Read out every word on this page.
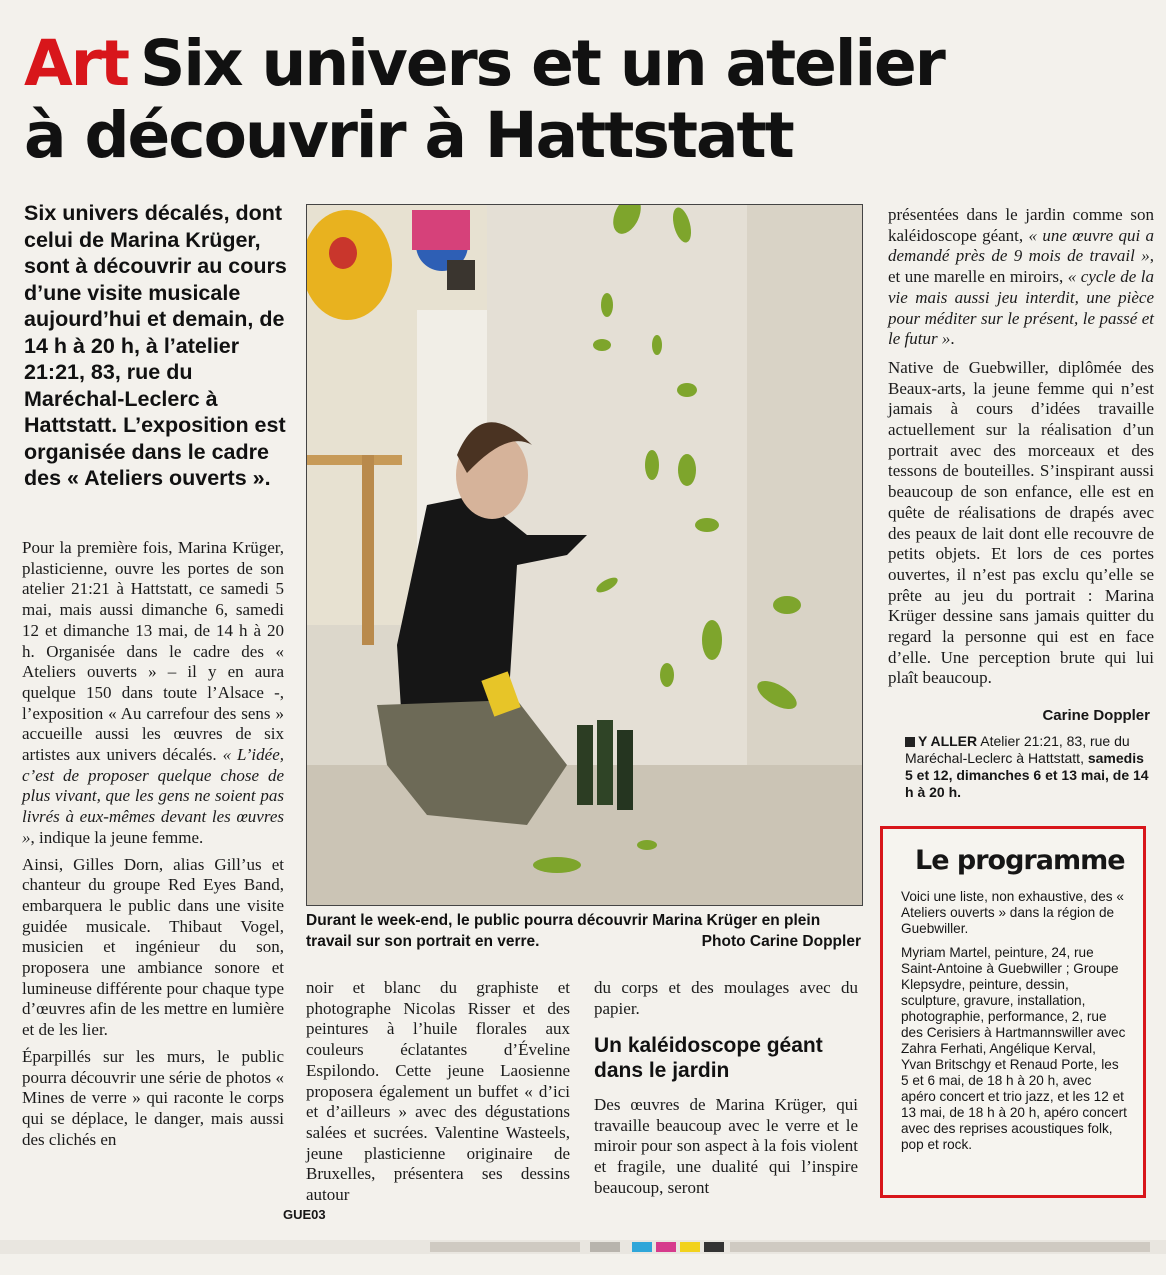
Art Six univers et un atelier
à découvrir à Hattstatt
Six univers décalés, dont celui de Marina Krüger, sont à découvrir au cours d’une visite musicale aujourd’hui et demain, de 14 h à 20 h, à l’atelier 21:21, 83, rue du Maréchal-Leclerc à Hattstatt. L’exposition est organisée dans le cadre des « Ateliers ouverts ».

Pour la première fois, Marina Krüger, plasticienne, ouvre les portes de son atelier 21:21 à Hattstatt, ce samedi 5 mai, mais aussi dimanche 6, samedi 12 et dimanche 13 mai, de 14 h à 20 h. Organisée dans le cadre des « Ateliers ouverts » – il y en aura quelque 150 dans toute l’Alsace -, l’exposition « Au carrefour des sens » accueille aussi les œuvres de six artistes aux univers décalés. « L’idée, c’est de proposer quelque chose de plus vivant, que les gens ne soient pas livrés à eux-mêmes devant les œuvres », indique la jeune femme.

Ainsi, Gilles Dorn, alias Gill’us et chanteur du groupe Red Eyes Band, embarquera le public dans une visite guidée musicale. Thibaut Vogel, musicien et ingénieur du son, proposera une ambiance sonore et lumineuse différente pour chaque type d’œuvres afin de les mettre en lumière et de les lier.

Éparpillés sur les murs, le public pourra découvrir une série de photos « Mines de verre » qui raconte le corps qui se déplace, le danger, mais aussi des clichés en

Durant le week-end, le public pourra découvrir Marina Krüger en plein travail sur son portrait en verre.	Photo Carine Doppler

noir et blanc du graphiste et photographe Nicolas Risser et des peintures à l’huile florales aux couleurs éclatantes d’Éveline Espilondo. Cette jeune Laosienne proposera également un buffet « d’ici et d’ailleurs » avec des dégustations salées et sucrées. Valentine Wasteels, jeune plasticienne originaire de Bruxelles, présentera ses dessins autour

du corps et des moulages avec du papier.

Un kaléidoscope géant dans le jardin

Des œuvres de Marina Krüger, qui travaille beaucoup avec le verre et le miroir pour son aspect à la fois violent et fragile, une dualité qui l’inspire beaucoup, seront

présentées dans le jardin comme son kaléidoscope géant, « une œuvre qui a demandé près de 9 mois de travail », et une marelle en miroirs, « cycle de la vie mais aussi jeu interdit, une pièce pour méditer sur le présent, le passé et le futur ».

Native de Guebwiller, diplômée des Beaux-arts, la jeune femme qui n’est jamais à cours d’idées travaille actuellement sur la réalisation d’un portrait avec des morceaux et des tessons de bouteilles. S’inspirant aussi beaucoup de son enfance, elle est en quête de réalisations de drapés avec des peaux de lait dont elle recouvre de petits objets. Et lors de ces portes ouvertes, il n’est pas exclu qu’elle se prête au jeu du portrait : Marina Krüger dessine sans jamais quitter du regard la personne qui est en face d’elle. Une perception brute qui lui plaît beaucoup.

Carine Doppler
Y ALLER Atelier 21:21, 83, rue du Maréchal-Leclerc à Hattstatt, samedis 5 et 12, dimanches 6 et 13 mai, de 14 h à 20 h.
Le programme

Voici une liste, non exhaustive, des « Ateliers ouverts » dans la région de Guebwiller.

Myriam Martel, peinture, 24, rue Saint-Antoine à Guebwiller ; Groupe Klepsydre, peinture, dessin, sculpture, gravure, installation, photographie, performance, 2, rue des Cerisiers à Hartmannswiller avec Zahra Ferhati, Angélique Kerval, Yvan Britschgy et Renaud Porte, les 5 et 6 mai, de 18 h à 20 h, avec apéro concert et trio jazz, et les 12 et 13 mai, de 18 h à 20 h, apéro concert avec des reprises acoustiques folk, pop et rock.

GUE03
